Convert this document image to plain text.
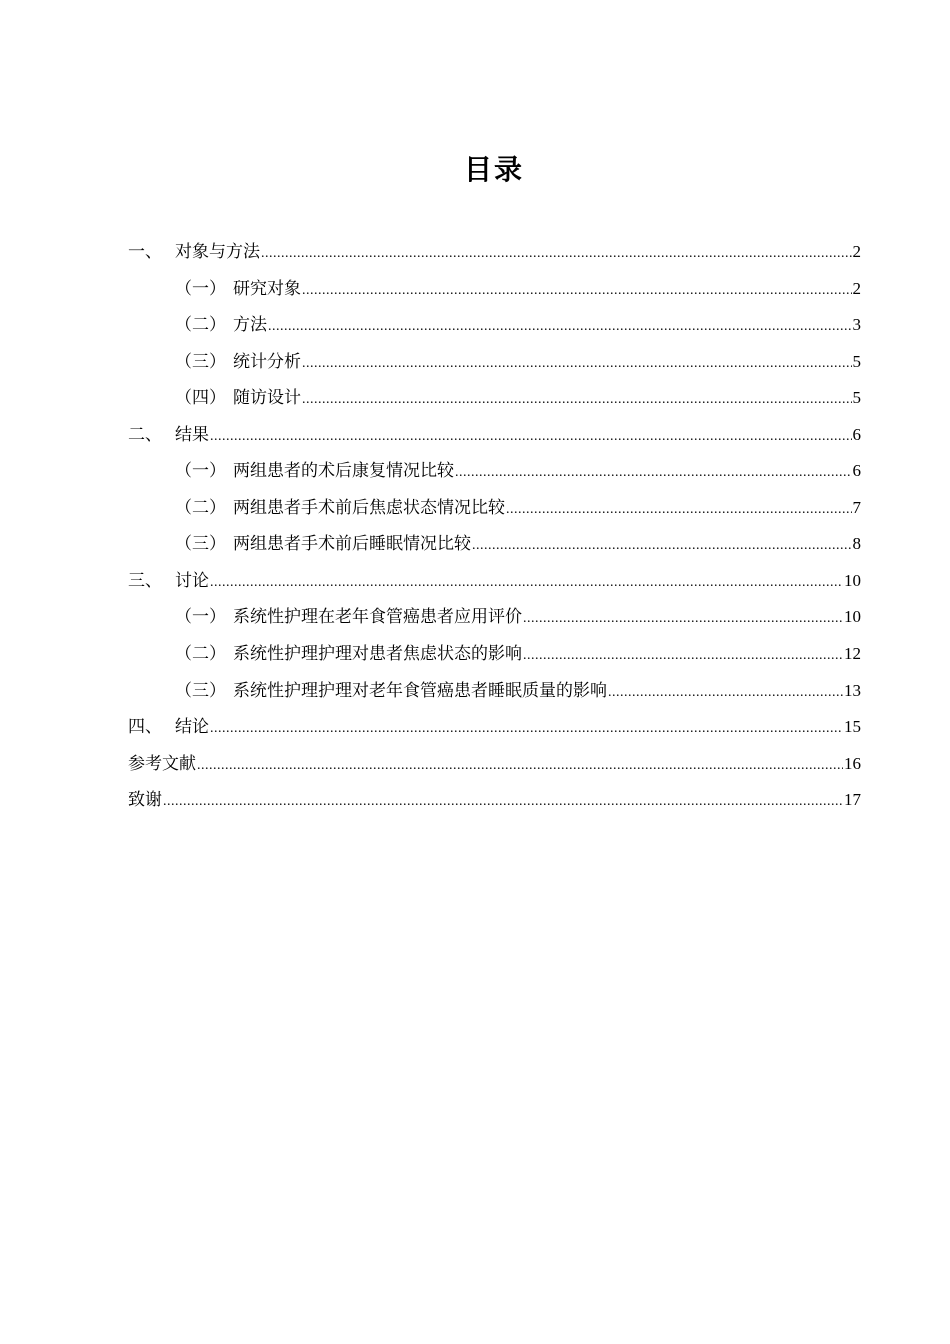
目录
一、 对象与方法 .....	2
（一） 研究对象 .....	2
（二） 方法 .....	3
（三） 统计分析 .....	5
（四） 随访设计 .....	5
二、 结果 .....	6
（一） 两组患者的术后康复情况比较 .....	6
（二） 两组患者手术前后焦虑状态情况比较 .....	7
（三） 两组患者手术前后睡眠情况比较 .....	8
三、 讨论 .....	10
（一） 系统性护理在老年食管癌患者应用评价 .....	10
（二） 系统性护理护理对患者焦虑状态的影响 .....	12
（三） 系统性护理护理对老年食管癌患者睡眠质量的影响 .....	13
四、 结论 .....	15
参考文献 .....	16
致谢 .....	17
